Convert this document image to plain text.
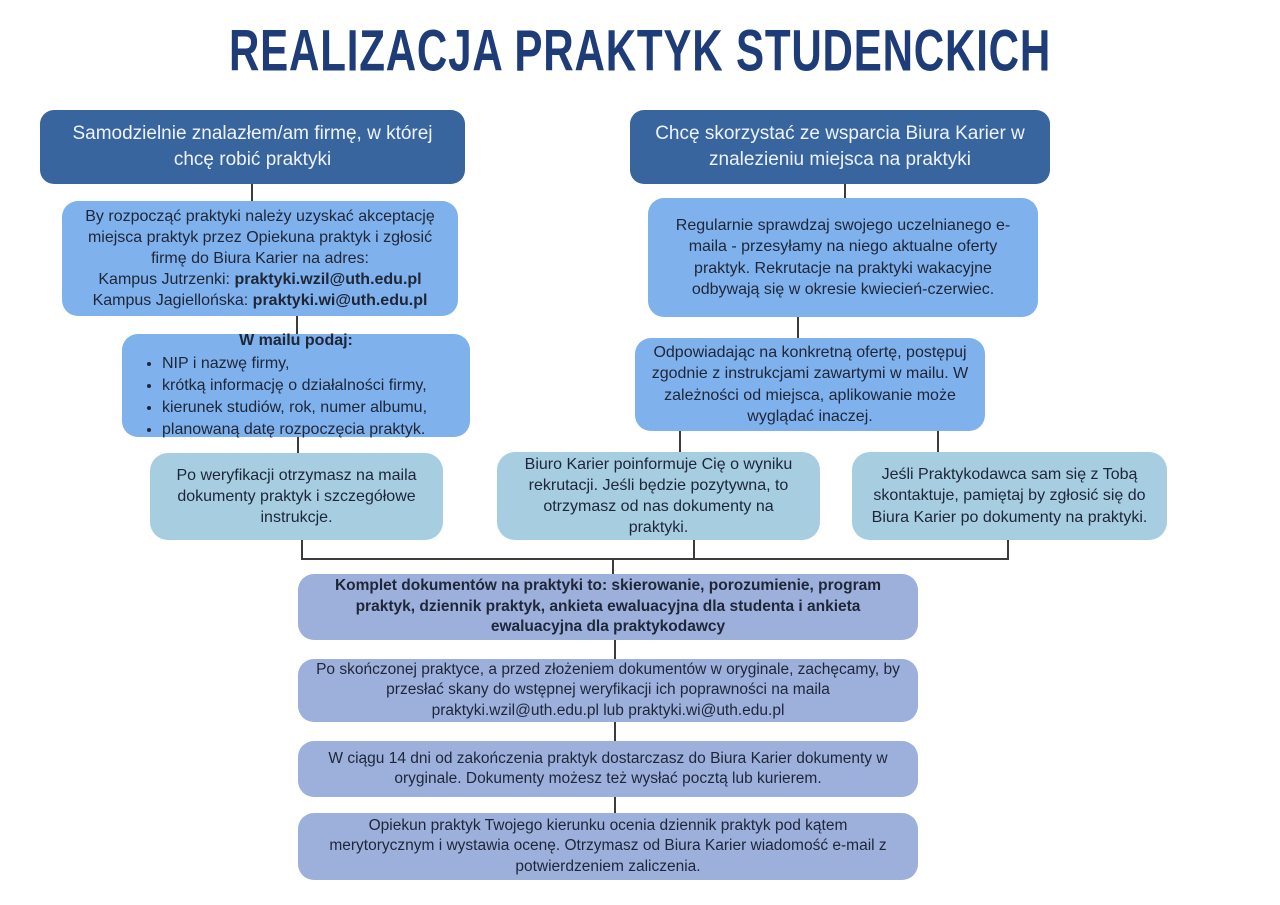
REALIZACJA PRAKTYK STUDENCKICH
Samodzielnie znalazłem/am firmę, w której chcę robić praktyki
By rozpocząć praktyki należy uzyskać akceptację miejsca praktyk przez Opiekuna praktyk i zgłosić firmę do Biura Karier na adres:
Kampus Jutrzenki: praktyki.wzil@uth.edu.pl
Kampus Jagiellońska: praktyki.wi@uth.edu.pl
W mailu podaj:
• NIP i nazwę firmy,
• krótką informację o działalności firmy,
• kierunek studiów, rok, numer albumu,
• planowaną datę rozpoczęcia praktyk.
Po weryfikacji otrzymasz na maila dokumenty praktyk i szczegółowe instrukcje.
Chcę skorzystać ze wsparcia Biura Karier w znalezieniu miejsca na praktyki
Regularnie sprawdzaj swojego uczelnianego e-maila - przesyłamy na niego aktualne oferty praktyk. Rekrutacje na praktyki wakacyjne odbywają się w okresie kwiecień-czerwiec.
Odpowiadając na konkretną ofertę, postępuj zgodnie z instrukcjami zawartymi w mailu. W zależności od miejsca, aplikowanie może wyglądać inaczej.
Biuro Karier poinformuje Cię o wyniku rekrutacji. Jeśli będzie pozytywna, to otrzymasz od nas dokumenty na praktyki.
Jeśli Praktykodawca sam się z Tobą skontaktuje, pamiętaj by zgłosić się do Biura Karier po dokumenty na praktyki.
Komplet dokumentów na praktyki to: skierowanie, porozumienie, program praktyk, dziennik praktyk, ankieta ewaluacyjna dla studenta i ankieta ewaluacyjna dla praktykodawcy
Po skończonej praktyce, a przed złożeniem dokumentów w oryginale, zachęcamy, by przesłać skany do wstępnej weryfikacji ich poprawności na maila praktyki.wzil@uth.edu.pl lub praktyki.wi@uth.edu.pl
W ciągu 14 dni od zakończenia praktyk dostarczasz do Biura Karier dokumenty w oryginale. Dokumenty możesz też wysłać pocztą lub kurierem.
Opiekun praktyk Twojego kierunku ocenia dziennik praktyk pod kątem merytorycznym i wystawia ocenę. Otrzymasz od Biura Karier wiadomość e-mail z potwierdzeniem zaliczenia.
